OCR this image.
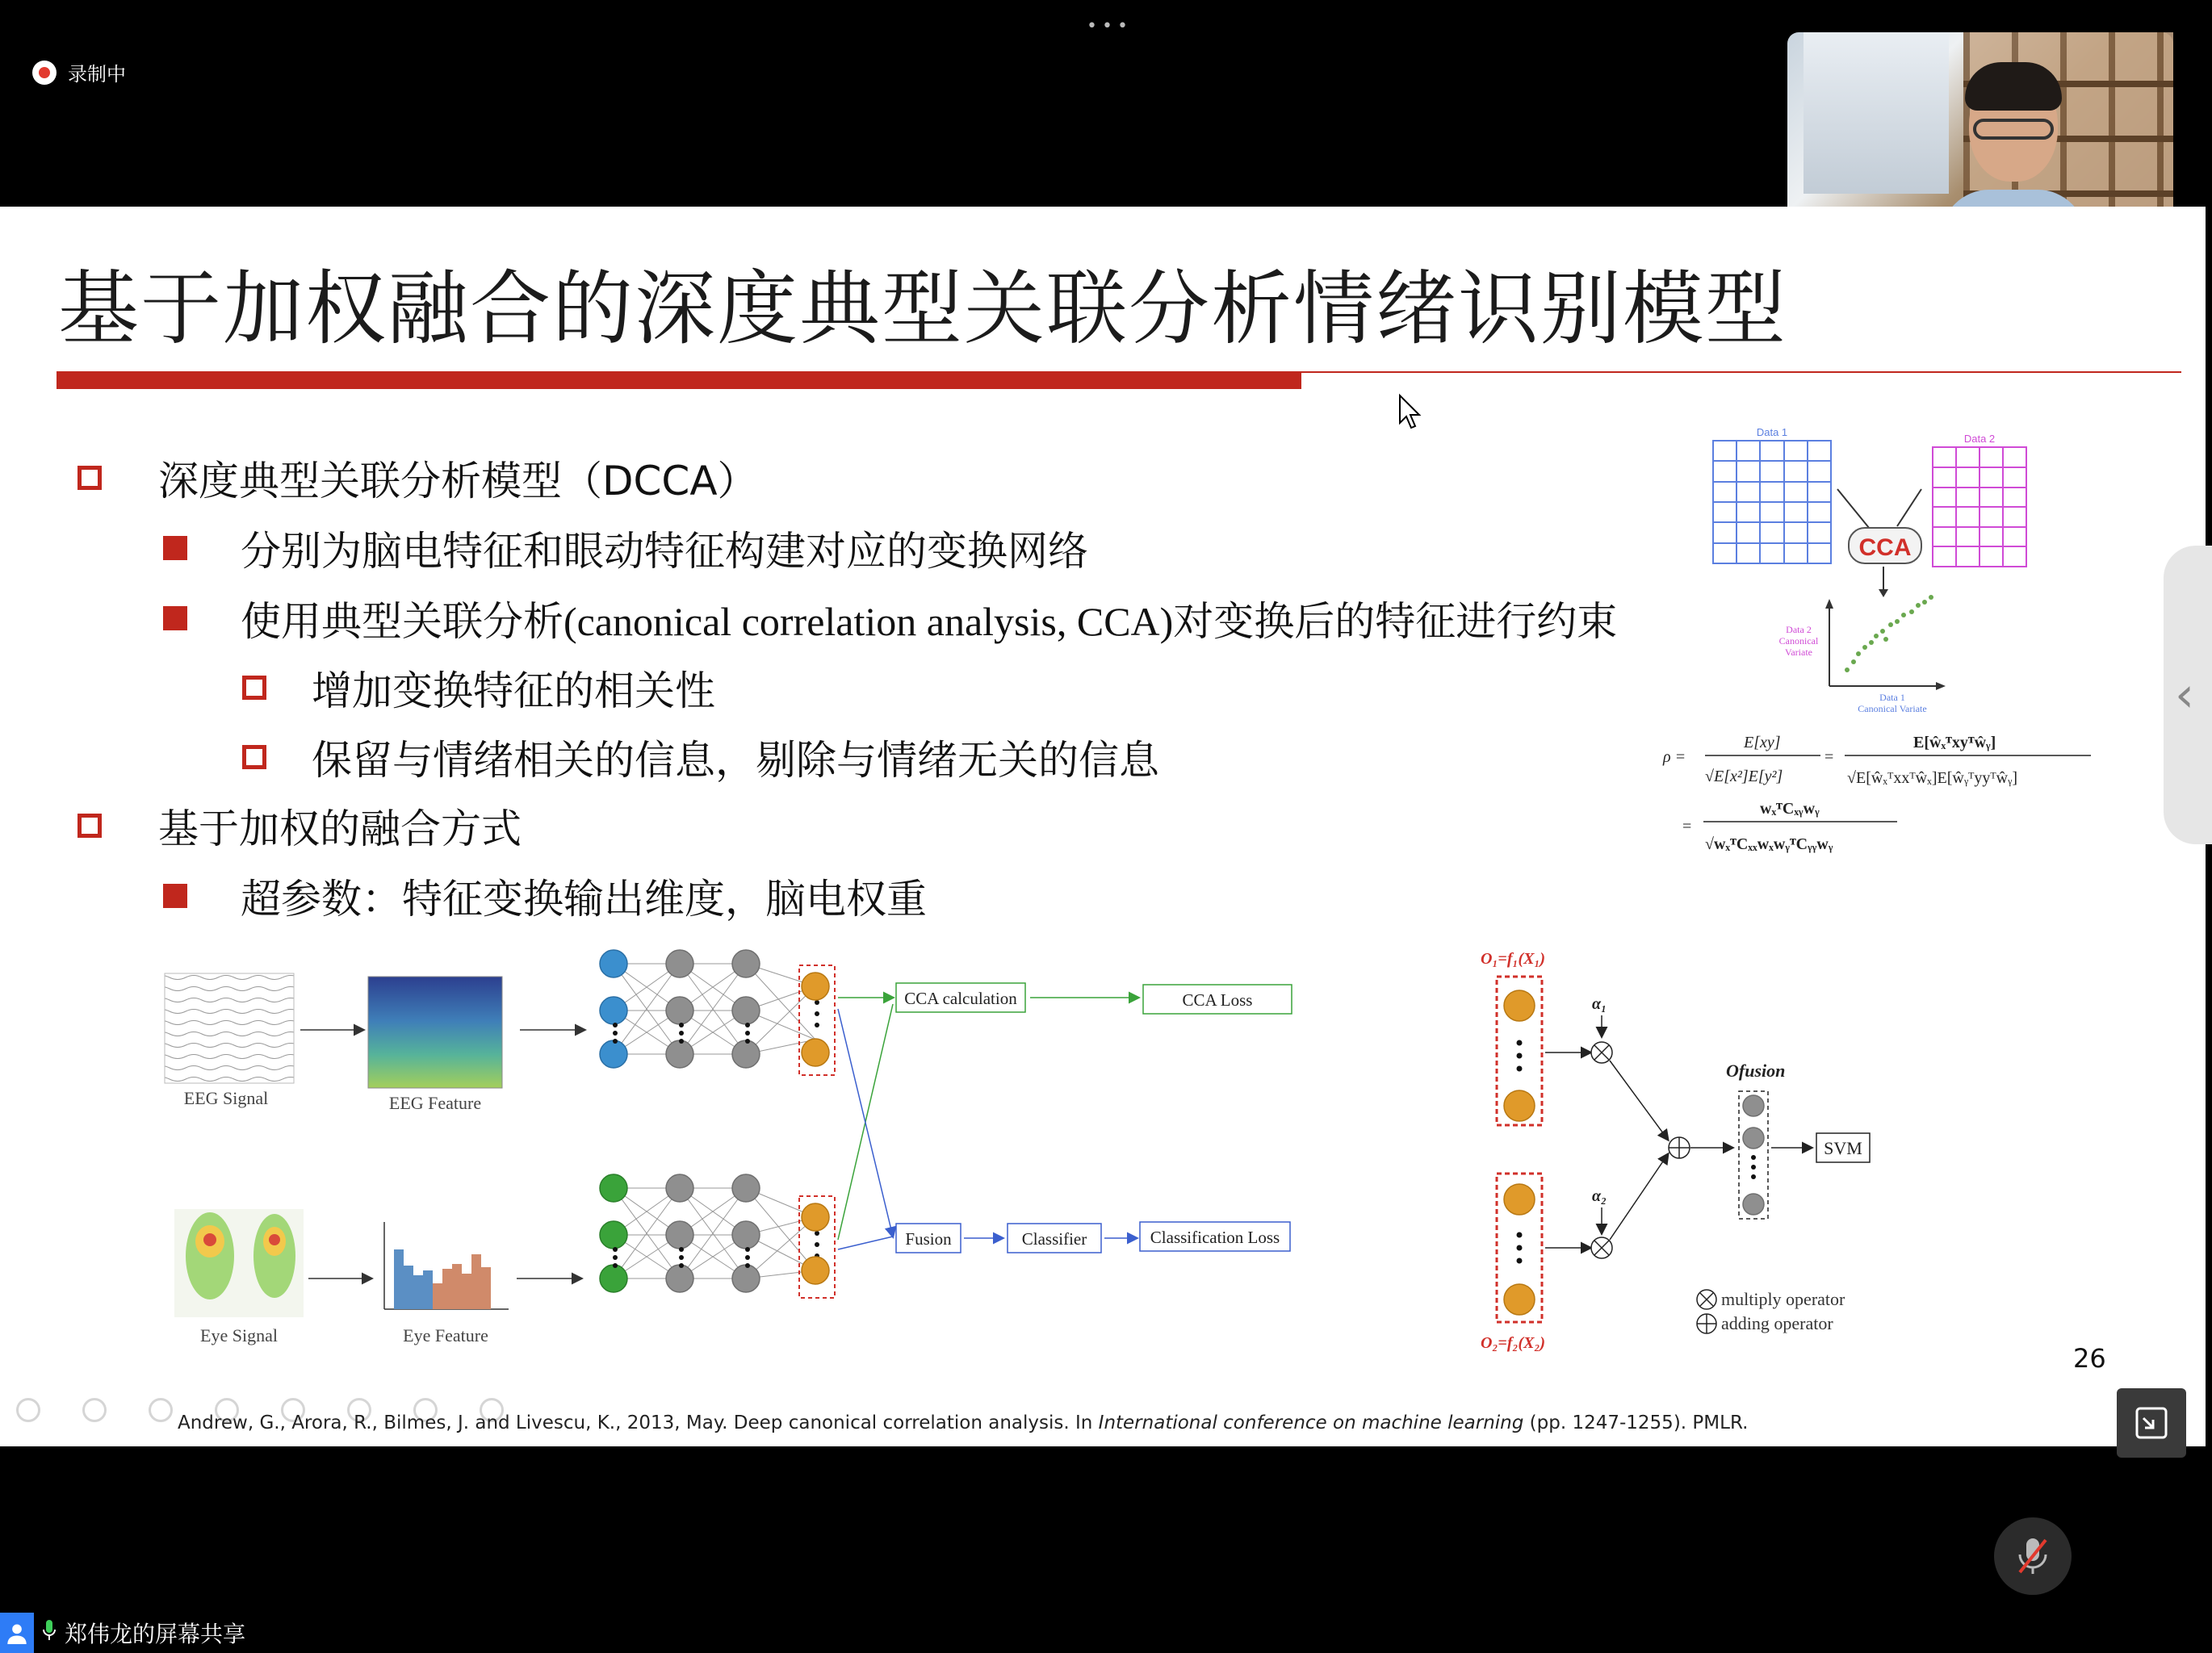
•••
录制中
基于加权融合的深度典型关联分析情绪识别模型
深度典型关联分析模型（DCCA）
分别为脑电特征和眼动特征构建对应的变换网络
使用典型关联分析(canonical correlation analysis, CCA)对变换后的特征进行约束
增加变换特征的相关性
保留与情绪相关的信息，剔除与情绪无关的信息
基于加权的融合方式
超参数：特征变换输出维度，脑电权重
Data 1
Data 2
CCA
Data 2
Canonical
Variate
Data 1
Canonical Variate
ρ =
E[xy]
√E[x²]E[y²]
=
E[ŵₓᵀxyᵀŵᵧ]
√E[ŵₓᵀxxᵀŵₓ]E[ŵᵧᵀyyᵀŵᵧ]
=
wₓᵀCₓᵧwᵧ
√wₓᵀCₓₓwₓwᵧᵀCᵧᵧwᵧ
EEG Signal	EEG Feature
Eye Signal	Eye Feature
CCA calculation	CCA Loss
Fusion	Classifier	Classification Loss
O₁=f₁(X₁)
O₂=f₂(X₂)
α₁
α₂
Ofusion
SVM
multiply operator
adding operator
26
Andrew, G., Arora, R., Bilmes, J. and Livescu, K., 2013, May. Deep canonical correlation analysis. In International conference on machine learning (pp. 1247-1255). PMLR.
‹
郑伟龙的屏幕共享
